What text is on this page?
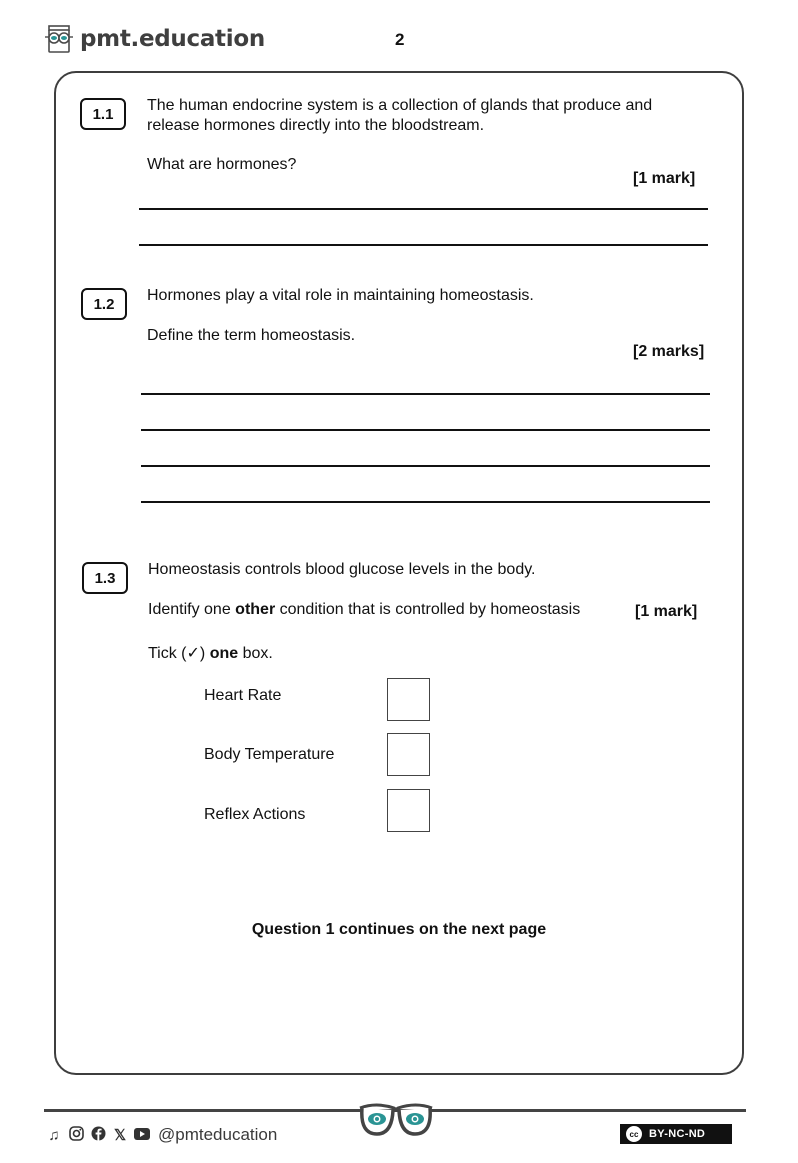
pmt.education	2
1.1	The human endocrine system is a collection of glands that produce and release hormones directly into the bloodstream.
What are hormones?
[1 mark]
1.2	Hormones play a vital role in maintaining homeostasis.
Define the term homeostasis.
[2 marks]
1.3	Homeostasis controls blood glucose levels in the body.
Identify one other condition that is controlled by homeostasis	[1 mark]
Tick (✓) one box.
Heart Rate
Body Temperature
Reflex Actions
Question 1 continues on the next page
♫	𝕏 @pmteducation	cc BY-NC-ND
